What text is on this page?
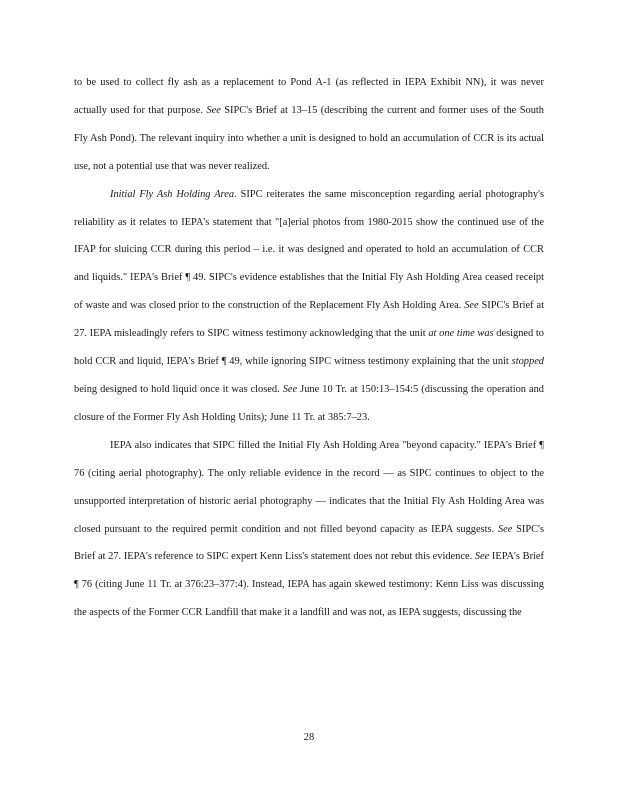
to be used to collect fly ash as a replacement to Pond A-1 (as reflected in IEPA Exhibit NN), it was never actually used for that purpose. See SIPC's Brief at 13–15 (describing the current and former uses of the South Fly Ash Pond). The relevant inquiry into whether a unit is designed to hold an accumulation of CCR is its actual use, not a potential use that was never realized.

Initial Fly Ash Holding Area. SIPC reiterates the same misconception regarding aerial photography's reliability as it relates to IEPA's statement that "[a]erial photos from 1980-2015 show the continued use of the IFAP for sluicing CCR during this period – i.e. it was designed and operated to hold an accumulation of CCR and liquids." IEPA's Brief ¶ 49. SIPC's evidence establishes that the Initial Fly Ash Holding Area ceased receipt of waste and was closed prior to the construction of the Replacement Fly Ash Holding Area. See SIPC's Brief at 27. IEPA misleadingly refers to SIPC witness testimony acknowledging that the unit at one time was designed to hold CCR and liquid, IEPA's Brief ¶ 49, while ignoring SIPC witness testimony explaining that the unit stopped being designed to hold liquid once it was closed. See June 10 Tr. at 150:13–154:5 (discussing the operation and closure of the Former Fly Ash Holding Units); June 11 Tr. at 385:7–23.

IEPA also indicates that SIPC filled the Initial Fly Ash Holding Area "beyond capacity." IEPA's Brief ¶ 76 (citing aerial photography). The only reliable evidence in the record — as SIPC continues to object to the unsupported interpretation of historic aerial photography — indicates that the Initial Fly Ash Holding Area was closed pursuant to the required permit condition and not filled beyond capacity as IEPA suggests. See SIPC's Brief at 27. IEPA's reference to SIPC expert Kenn Liss's statement does not rebut this evidence. See IEPA's Brief ¶ 76 (citing June 11 Tr. at 376:23–377:4). Instead, IEPA has again skewed testimony: Kenn Liss was discussing the aspects of the Former CCR Landfill that make it a landfill and was not, as IEPA suggests, discussing the

28
